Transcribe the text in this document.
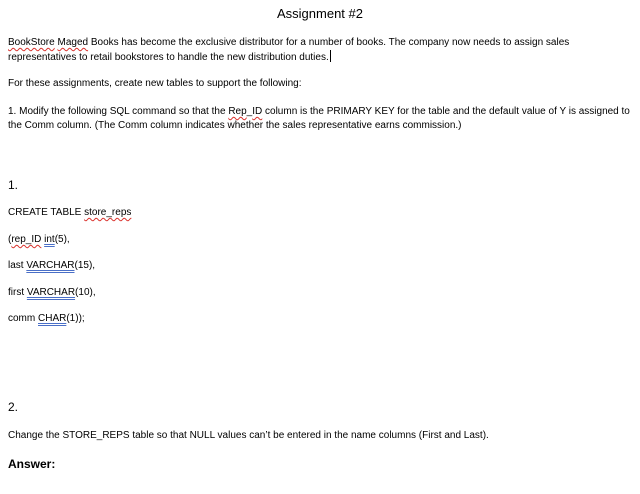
Assignment #2
BookStore Maged Books has become the exclusive distributor for a number of books. The company now needs to assign sales
representatives to retail bookstores to handle the new distribution duties.
For these assignments, create new tables to support the following:
1. Modify the following SQL command so that the Rep_ID column is the PRIMARY KEY for the table and the default value of Y is assigned to the Comm column. (The Comm column indicates whether the sales representative earns commission.)
1.
CREATE TABLE store_reps
(rep_ID int(5),
last VARCHAR(15),
first VARCHAR(10),
comm CHAR(1));
2.
Change the STORE_REPS table so that NULL values can’t be entered in the name columns (First and Last).
Answer:
